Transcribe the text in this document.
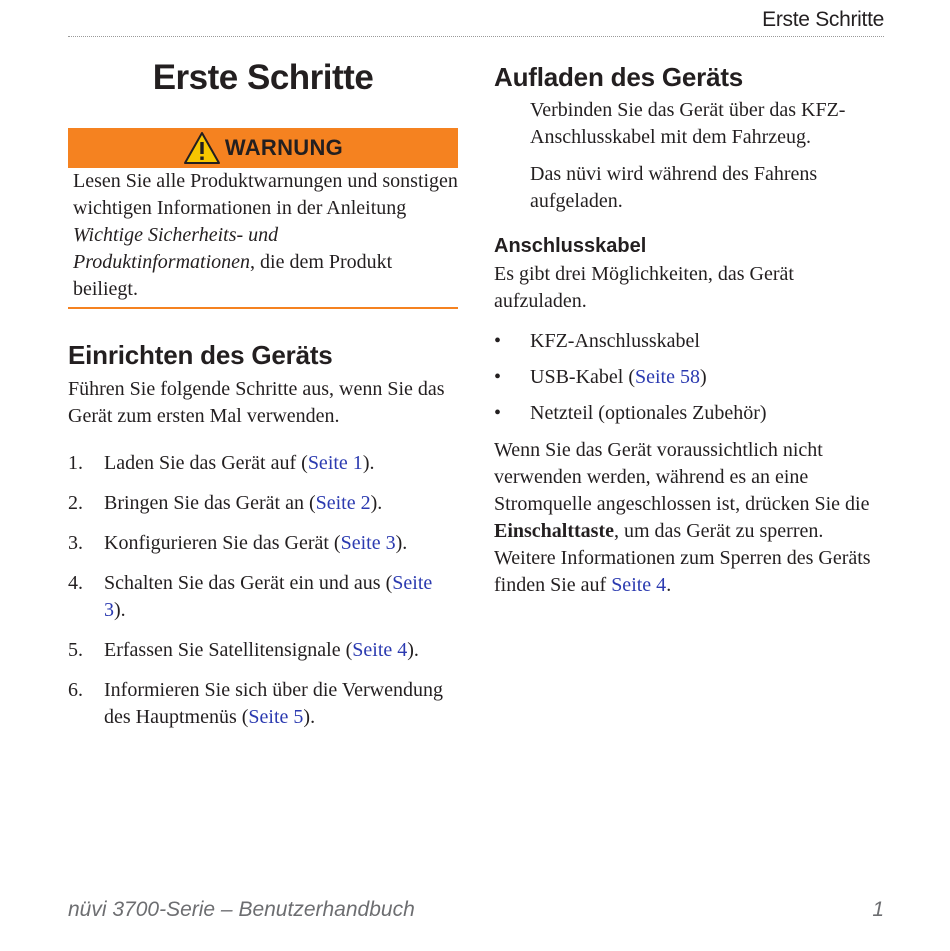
Erste Schritte
Erste Schritte
WARNUNG

Lesen Sie alle Produktwarnungen und sonstigen wichtigen Informationen in der Anleitung Wichtige Sicherheits- und Produktinformationen, die dem Produkt beiliegt.

Einrichten des Geräts

Führen Sie folgende Schritte aus, wenn Sie das Gerät zum ersten Mal verwenden.

1.	Laden Sie das Gerät auf (Seite 1).
2.	Bringen Sie das Gerät an (Seite 2).
3.	Konfigurieren Sie das Gerät (Seite 3).
4.	Schalten Sie das Gerät ein und aus (Seite 3).
5.	Erfassen Sie Satellitensignale (Seite 4).
6.	Informieren Sie sich über die Verwendung des Hauptmenüs (Seite 5).
Aufladen des Geräts

Verbinden Sie das Gerät über das KFZ-Anschlusskabel mit dem Fahrzeug.

Das nüvi wird während des Fahrens aufgeladen.

Anschlusskabel

Es gibt drei Möglichkeiten, das Gerät aufzuladen.

•	KFZ-Anschlusskabel
•	USB-Kabel (Seite 58)
•	Netzteil (optionales Zubehör)

Wenn Sie das Gerät voraussichtlich nicht verwenden werden, während es an eine Stromquelle angeschlossen ist, drücken Sie die Einschalttaste, um das Gerät zu sperren. Weitere Informationen zum Sperren des Geräts finden Sie auf Seite 4.

nüvi 3700-Serie – Benutzerhandbuch	1
